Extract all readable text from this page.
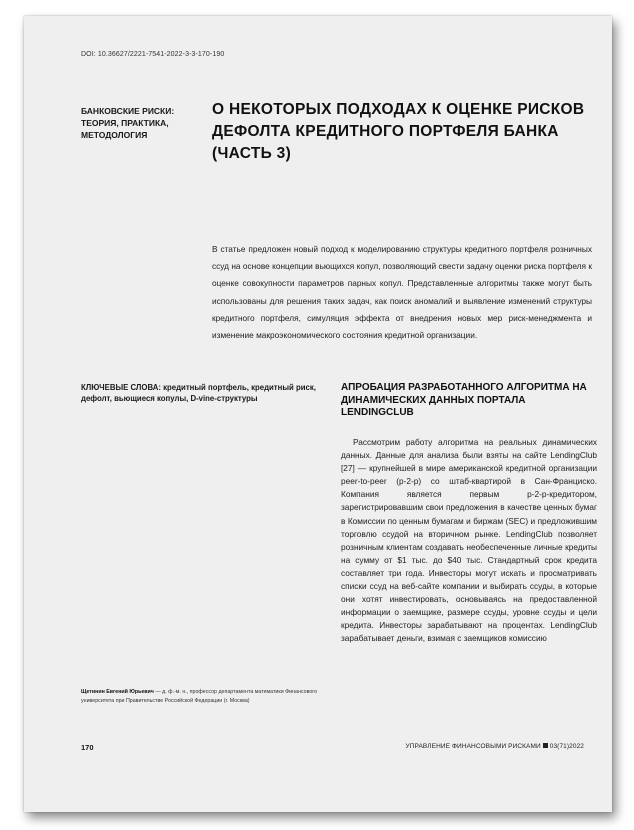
DOI: 10.36627/2221-7541-2022-3-3-170-190
БАНКОВСКИЕ РИСКИ: ТЕОРИЯ, ПРАКТИКА, МЕТОДОЛОГИЯ
О НЕКОТОРЫХ ПОДХОДАХ К ОЦЕНКЕ РИСКОВ ДЕФОЛТА КРЕДИТНОГО ПОРТФЕЛЯ БАНКА (ЧАСТЬ 3)
В статье предложен новый подход к моделированию структуры кредитного портфеля розничных ссуд на основе концепции вьющихся копул, позволяющий свести задачу оценки риска портфеля к оценке совокупности параметров парных копул. Представленные алгоритмы также могут быть использованы для решения таких задач, как поиск аномалий и выявление изменений структуры кредитного портфеля, симуляция эффекта от внедрения новых мер риск-менеджмента и изменение макроэкономического состояния кредитной организации.
КЛЮЧЕВЫЕ СЛОВА: кредитный портфель, кредитный риск, дефолт, вьющиеся копулы, D-vine-структуры
АПРОБАЦИЯ РАЗРАБОТАННОГО АЛГОРИТМА НА ДИНАМИЧЕСКИХ ДАННЫХ ПОРТАЛА LENDINGCLUB
Рассмотрим работу алгоритма на реальных динамических данных. Данные для анализа были взяты на сайте LendingClub [27] — крупнейшей в мире американской кредитной организации peer-to-peer (p-2-p) со штаб-квартирой в Сан-Франциско. Компания является первым p-2-p-кредитором, зарегистрировавшим свои предложения в качестве ценных бумаг в Комиссии по ценным бумагам и биржам (SEC) и предложившим торговлю ссудой на вторичном рынке. LendingClub позволяет розничным клиентам создавать необеспеченные личные кредиты на сумму от $1 тыс. до $40 тыс. Стандартный срок кредита составляет три года. Инвесторы могут искать и просматривать списки ссуд на веб-сайте компании и выбирать ссуды, в которые они хотят инвестировать, основываясь на предоставленной информации о заемщике, размере ссуды, уровне ссуды и цели кредита. Инвесторы зарабатывают на процентах. LendingClub зарабатывает деньги, взимая с заемщиков комиссию
Щетинин Евгений Юрьевич — д. ф.-м. н., профессор департамента математики Финансового университета при Правительстве Российской Федерации (г. Москва)
170	УПРАВЛЕНИЕ ФИНАНСОВЫМИ РИСКАМИ 03(71)2022
